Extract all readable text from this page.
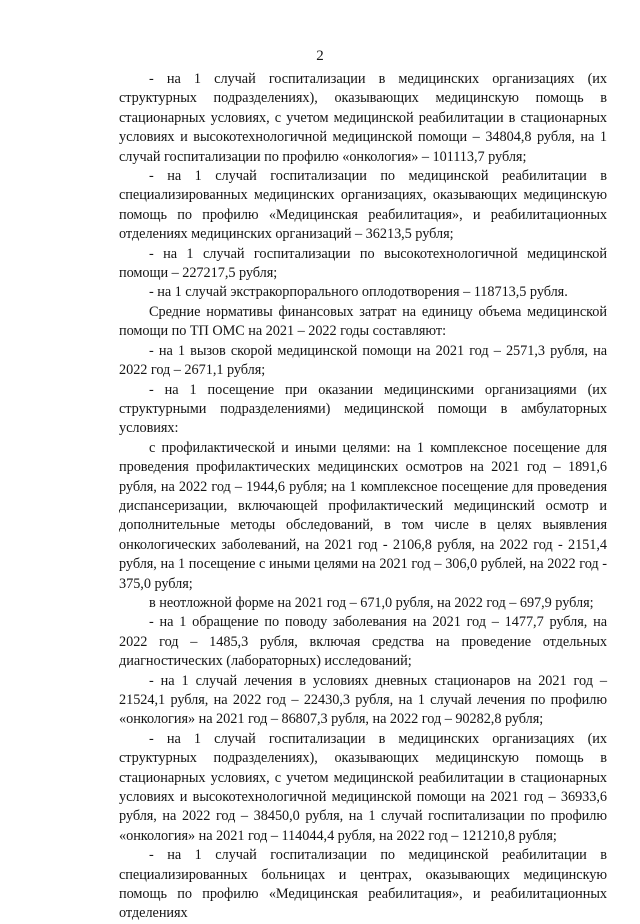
2

- на 1 случай госпитализации в медицинских организациях (их структурных подразделениях), оказывающих медицинскую помощь в стационарных условиях, с учетом медицинской реабилитации в стационарных условиях и высокотехнологичной медицинской помощи – 34804,8 рубля, на 1 случай госпитализации по профилю «онкология» – 101113,7 рубля;

- на 1 случай госпитализации по медицинской реабилитации в специализированных медицинских организациях, оказывающих медицинскую помощь по профилю «Медицинская реабилитация», и реабилитационных отделениях медицинских организаций – 36213,5 рубля;

- на 1 случай госпитализации по высокотехнологичной медицинской помощи – 227217,5 рубля;

- на 1 случай экстракорпорального оплодотворения – 118713,5 рубля.

Средние нормативы финансовых затрат на единицу объема медицинской помощи по ТП ОМС на 2021 – 2022 годы составляют:

- на 1 вызов скорой медицинской помощи на 2021 год – 2571,3 рубля, на 2022 год – 2671,1 рубля;

- на 1 посещение при оказании медицинскими организациями (их структурными подразделениями) медицинской помощи в амбулаторных условиях:

с профилактической и иными целями: на 1 комплексное посещение для проведения профилактических медицинских осмотров на 2021 год – 1891,6 рубля, на 2022 год – 1944,6 рубля; на 1 комплексное посещение для проведения диспансеризации, включающей профилактический медицинский осмотр и дополнительные методы обследований, в том числе в целях выявления онкологических заболеваний, на 2021 год - 2106,8 рубля, на 2022 год - 2151,4 рубля, на 1 посещение с иными целями на 2021 год – 306,0 рублей, на 2022 год - 375,0 рубля;

в неотложной форме на 2021 год – 671,0 рубля, на 2022 год – 697,9 рубля;

- на 1 обращение по поводу заболевания на 2021 год – 1477,7 рубля, на 2022 год – 1485,3 рубля, включая средства на проведение отдельных диагностических (лабораторных) исследований;

- на 1 случай лечения в условиях дневных стационаров на 2021 год – 21524,1 рубля, на 2022 год – 22430,3 рубля, на 1 случай лечения по профилю «онкология» на 2021 год – 86807,3 рубля, на 2022 год – 90282,8 рубля;

- на 1 случай госпитализации в медицинских организациях (их структурных подразделениях), оказывающих медицинскую помощь в стационарных условиях, с учетом медицинской реабилитации в стационарных условиях и высокотехнологичной медицинской помощи на 2021 год – 36933,6 рубля, на 2022 год – 38450,0 рубля, на 1 случай госпитализации по профилю «онкология» на 2021 год – 114044,4 рубля, на 2022 год – 121210,8 рубля;

- на 1 случай госпитализации по медицинской реабилитации в специализированных больницах и центрах, оказывающих медицинскую помощь по профилю «Медицинская реабилитация», и реабилитационных отделениях
